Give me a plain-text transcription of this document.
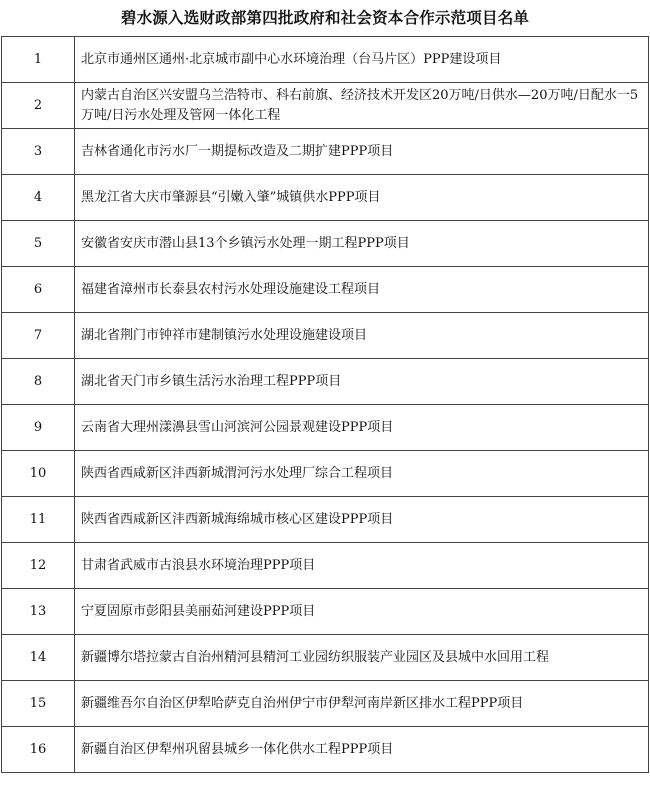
碧水源入选财政部第四批政府和社会资本合作示范项目名单
1	北京市通州区通州·北京城市副中心水环境治理（台马片区）PPP建设项目
2	内蒙古自治区兴安盟乌兰浩特市、科右前旗、经济技术开发区20万吨/日供水—20万吨/日配水一5万吨/日污水处理及管网一体化工程
3	吉林省通化市污水厂一期提标改造及二期扩建PPP项目
4	黑龙江省大庆市肇源县“引嫩入肇”城镇供水PPP项目
5	安徽省安庆市潜山县13个乡镇污水处理一期工程PPP项目
6	福建省漳州市长泰县农村污水处理设施建设工程项目
7	湖北省荆门市钟祥市建制镇污水处理设施建设项目
8	湖北省天门市乡镇生活污水治理工程PPP项目
9	云南省大理州漾濞县雪山河滨河公园景观建设PPP项目
10	陕西省西咸新区沣西新城渭河污水处理厂综合工程项目
11	陕西省西咸新区沣西新城海绵城市核心区建设PPP项目
12	甘肃省武威市古浪县水环境治理PPP项目
13	宁夏固原市彭阳县美丽茹河建设PPP项目
14	新疆博尔塔拉蒙古自治州精河县精河工业园纺织服装产业园区及县城中水回用工程
15	新疆维吾尔自治区伊犁哈萨克自治州伊宁市伊犁河南岸新区排水工程PPP项目
16	新疆自治区伊犁州巩留县城乡一体化供水工程PPP项目
